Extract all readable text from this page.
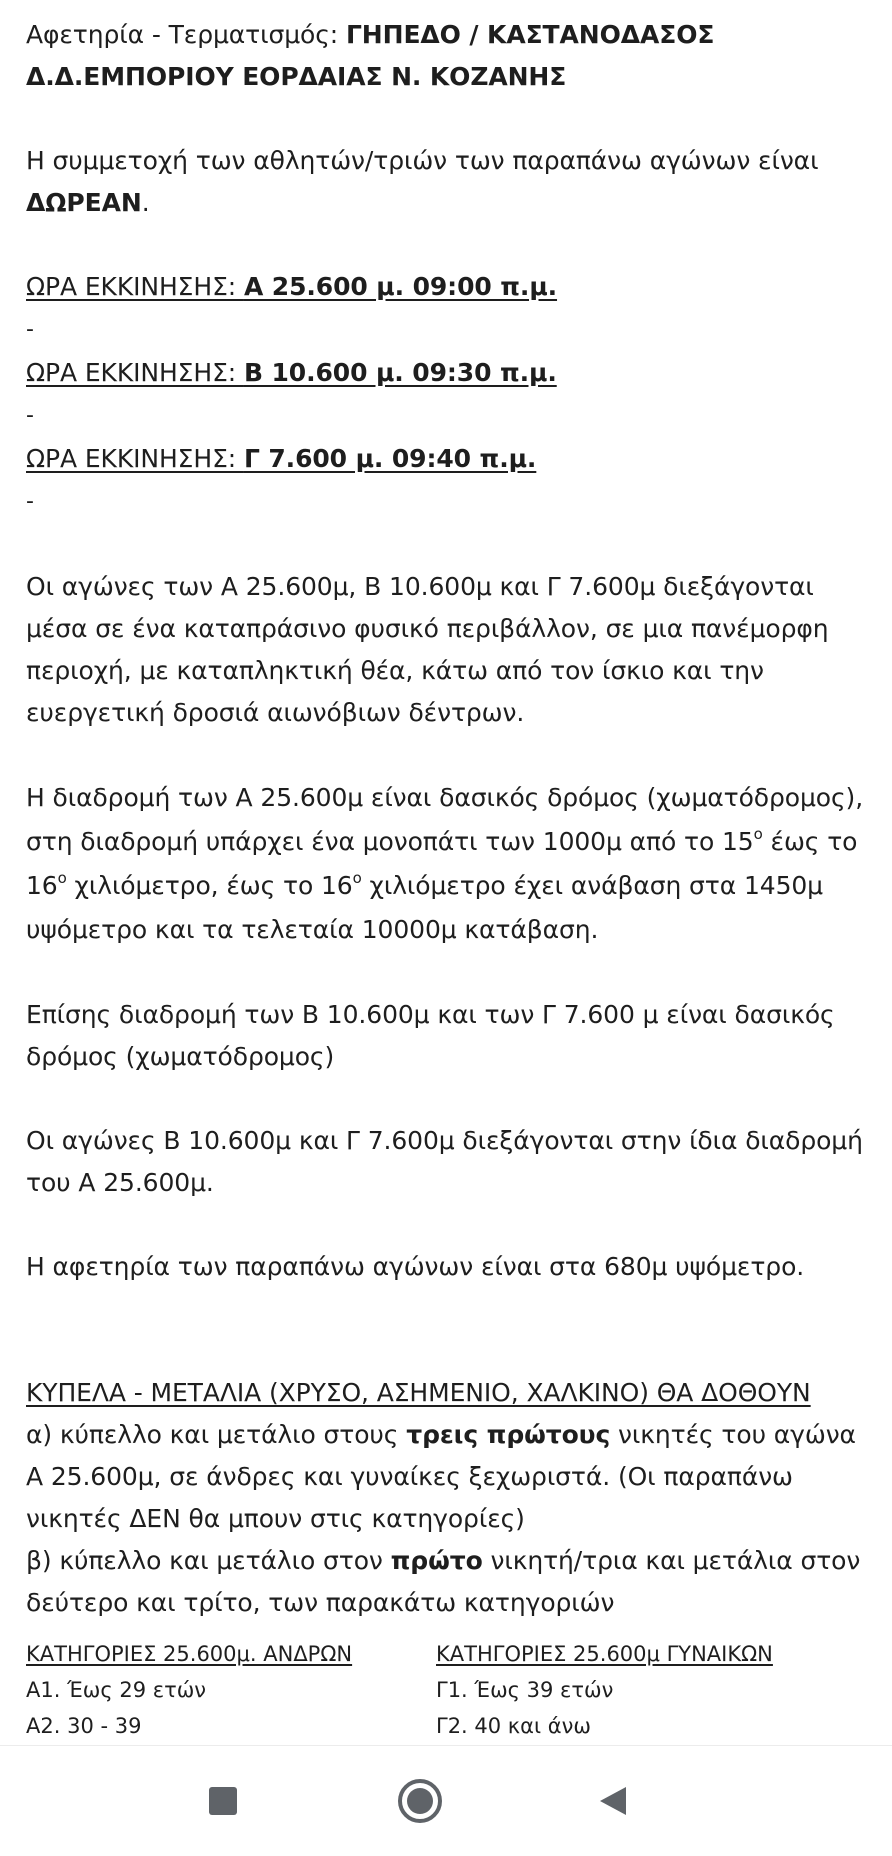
Αφετηρία - Τερματισμός: ΓΗΠΕΔΟ / ΚΑΣΤΑΝΟΔΑΣΟΣ
Δ.Δ.ΕΜΠΟΡΙΟΥ ΕΟΡΔΑΙΑΣ Ν. ΚΟΖΑΝΗΣ

Η συμμετοχή των αθλητών/τριών των παραπάνω αγώνων είναι ΔΩΡΕΑΝ.

ΩΡΑ ΕΚΚΙΝΗΣΗΣ: Α 25.600 μ. 09:00 π.μ.

-

ΩΡΑ ΕΚΚΙΝΗΣΗΣ: Β 10.600 μ. 09:30 π.μ.

-

ΩΡΑ ΕΚΚΙΝΗΣΗΣ: Γ 7.600 μ. 09:40 π.μ.

-

Οι αγώνες των Α 25.600μ, Β 10.600μ και Γ 7.600μ διεξάγονται μέσα σε ένα καταπράσινο φυσικό περιβάλλον, σε μια πανέμορφη περιοχή, με καταπληκτική θέα, κάτω από τον ίσκιο και την ευεργετική δροσιά αιωνόβιων δέντρων.

Η διαδρομή των Α 25.600μ είναι δασικός δρόμος (χωματόδρομος), στη διαδρομή υπάρχει ένα μονοπάτι των 1000μ από το $15^o$ έως το $16^o$ χιλιόμετρο, έως το $16^o$ χιλιόμετρο έχει ανάβαση στα 1450μ υψόμετρο και τα τελεταία 10000μ κατάβαση.

Επίσης διαδρομή των Β 10.600μ και των Γ 7.600 μ είναι δασικός δρόμος (χωματόδρομος)

Οι αγώνες Β 10.600μ και Γ 7.600μ διεξάγονται στην ίδια διαδρομή του Α 25.600μ.

Η αφετηρία των παραπάνω αγώνων είναι στα 680μ υψόμετρο.

ΚΥΠΕΛΑ - ΜΕΤΑΛΙΑ (ΧΡΥΣΟ, ΑΣΗΜΕΝΙΟ, ΧΑΛΚΙΝΟ) ΘΑ ΔΟΘΟΥΝ

α) κύπελλο και μετάλιο στους τρεις πρώτους νικητές του αγώνα Α 25.600μ, σε άνδρες και γυναίκες ξεχωριστά. (Οι παραπάνω νικητές ΔΕΝ θα μπουν στις κατηγορίες)

β) κύπελλο και μετάλιο στον πρώτο νικητή/τρια και μετάλια στον δεύτερο και τρίτο, των παρακάτω κατηγοριών

ΚΑΤΗΓΟΡΙΕΣ 25.600μ. ΑΝΔΡΩΝ
Α1. Έως 29 ετών
Α2. 30 - 39
ΚΑΤΗΓΟΡΙΕΣ 25.600μ ΓΥΝΑΙΚΩΝ
Γ1. Έως 39 ετών
Γ2. 40 και άνω
